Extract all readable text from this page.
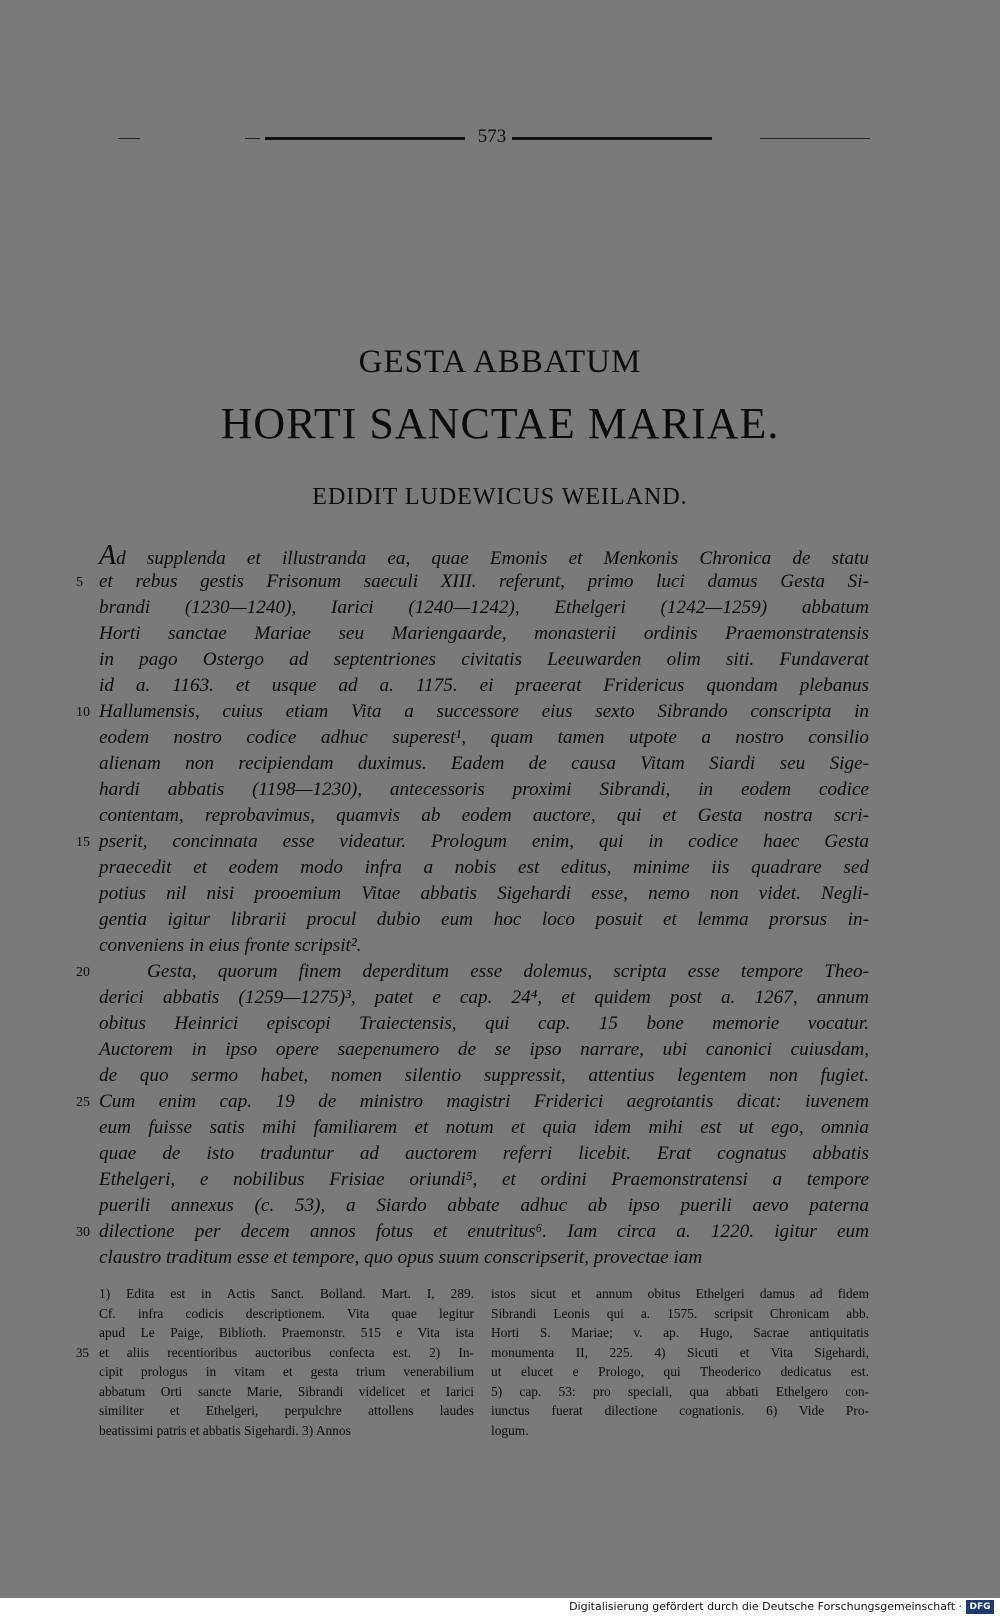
573
GESTA ABBATUM
HORTI SANCTAE MARIAE.
EDIDIT LUDEWICUS WEILAND.
Ad supplenda et illustranda ea, quae Emonis et Menkonis Chronica de statu
5 et rebus gestis Frisonum saeculi XIII. referunt, primo luci damus Gesta Si-
brandi (1230—1240), Iarici (1240—1242), Ethelgeri (1242—1259) abbatum
Horti sanctae Mariae seu Mariengaarde, monasterii ordinis Praemonstratensis
in pago Ostergo ad septentriones civitatis Leeuwarden olim siti. Fundaverat
id a. 1163. et usque ad a. 1175. ei praeerat Fridericus quondam plebanus
10 Hallumensis, cuius etiam Vita a successore eius sexto Sibrando conscripta in
eodem nostro codice adhuc superest¹, quam tamen utpote a nostro consilio
alienam non recipiendam duximus. Eadem de causa Vitam Siardi seu Sige-
hardi abbatis (1198—1230), antecessoris proximi Sibrandi, in eodem codice
contentam, reprobavimus, quamvis ab eodem auctore, qui et Gesta nostra scri-
15 pserit, concinnata esse videatur. Prologum enim, qui in codice haec Gesta
praecedit et eodem modo infra a nobis est editus, minime iis quadrare sed
potius nil nisi prooemium Vitae abbatis Sigehardi esse, nemo non videt. Negli-
gentia igitur librarii procul dubio eum hoc loco posuit et lemma prorsus in-
conveniens in eius fronte scripsit².
20	Gesta, quorum finem deperditum esse dolemus, scripta esse tempore Theo-
derici abbatis (1259—1275)³, patet e cap. 24⁴, et quidem post a. 1267, annum
obitus Heinrici episcopi Traiectensis, qui cap. 15 bone memorie vocatur.
Auctorem in ipso opere saepenumero de se ipso narrare, ubi canonici cuiusdam,
de quo sermo habet, nomen silentio suppressit, attentius legentem non fugiet.
25 Cum enim cap. 19 de ministro magistri Friderici aegrotantis dicat: iuvenem
eum fuisse satis mihi familiarem et notum et quia idem mihi est ut ego, omnia
quae de isto traduntur ad auctorem referri licebit. Erat cognatus abbatis
Ethelgeri, e nobilibus Frisiae oriundi⁵, et ordini Praemonstratensi a tempore
puerili annexus (c. 53), a Siardo abbate adhuc ab ipso puerili aevo paterna
30 dilectione per decem annos fotus et enutritus⁶. Iam circa a. 1220. igitur eum
claustro traditum esse et tempore, quo opus suum conscripserit, provectae iam
1) Edita est in Actis Sanct. Bolland. Mart. I, 289.
Cf. infra codicis descriptionem. Vita quae legitur
apud Le Paige, Biblioth. Praemonstr. 515 e Vita ista
et aliis recentioribus auctoribus confecta est. 2) In-
cipit prologus in vitam et gesta trium venerabilium
abbatum Orti sancte Marie, Sibrandi videlicet et Iarici
similiter et Ethelgeri, perpulchre attollens laudes
beatissimi patris et abbatis Sigehardi. 3) Annos
istos sicut et annum obitus Ethelgeri damus ad fidem
Sibrandi Leonis qui a. 1575. scripsit Chronicam abb.
Horti S. Mariae; v. ap. Hugo, Sacrae antiquitatis
monumenta II, 225. 4) Sicuti et Vita Sigehardi,
ut elucet e Prologo, qui Theoderico dedicatus est.
5) cap. 53: pro speciali, qua abbati Ethelgero con-
iunctus fuerat dilectione cognationis. 6) Vide Pro-
logum.
35
Digitalisierung gefördert durch die Deutsche Forschungsgemeinschaft · DFG
